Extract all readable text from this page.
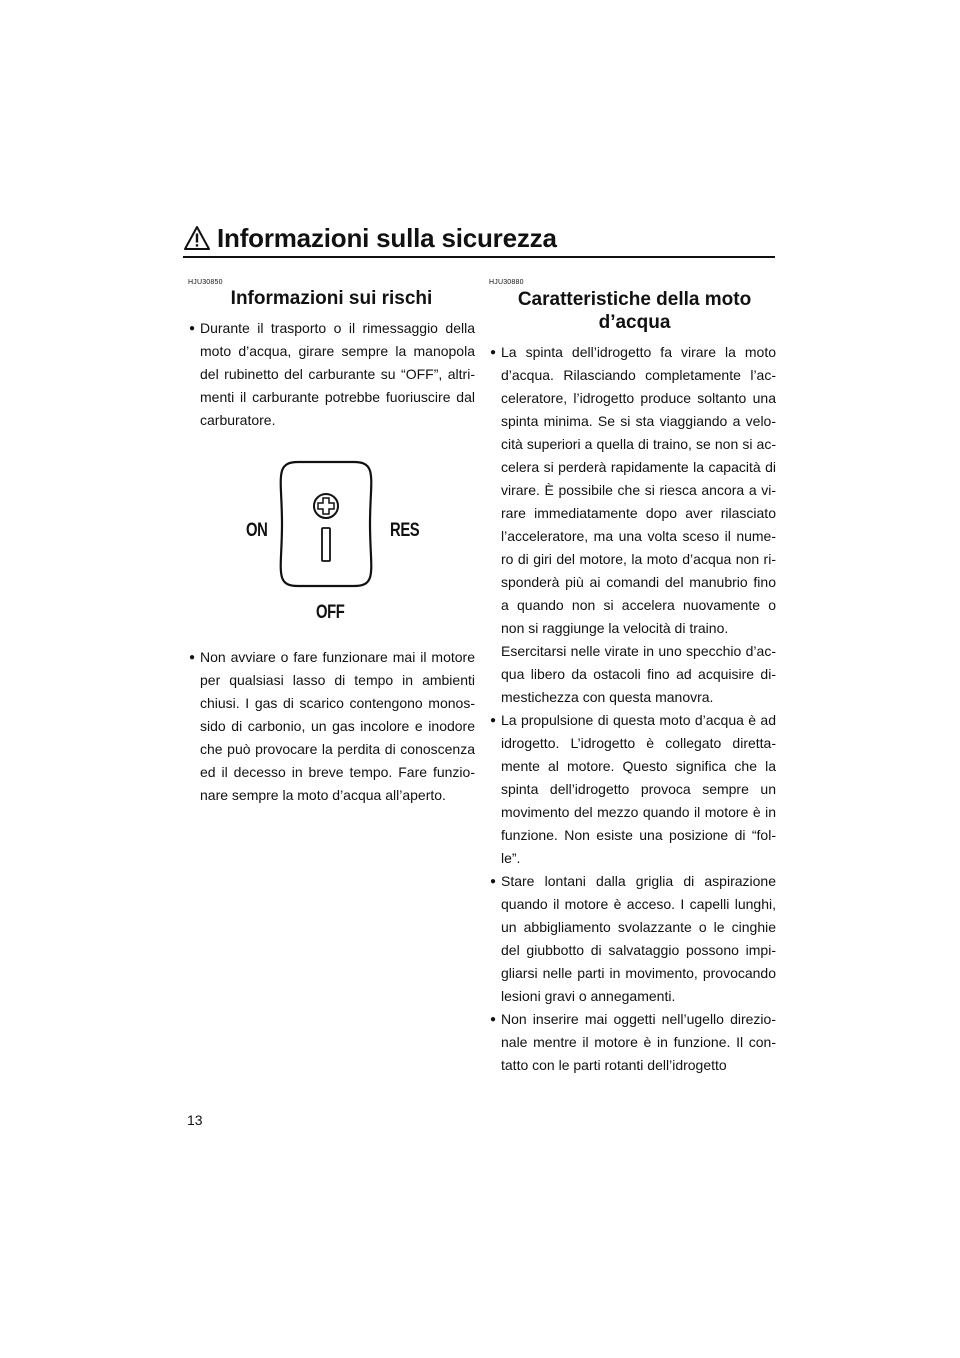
Informazioni sulla sicurezza
HJU30850
Informazioni sui rischi
● Durante il trasporto o il rimessaggio della moto d’acqua, girare sempre la manopola del rubinetto del carburante su “OFF”, altri-menti il carburante potrebbe fuoriuscire dal carburatore.

ON	RES
OFF
● Non avviare o fare funzionare mai il motore per qualsiasi lasso di tempo in ambienti chiusi. I gas di scarico contengono monos-sido di carbonio, un gas incolore e inodore che può provocare la perdita di conoscenza ed il decesso in breve tempo. Fare funzio-nare sempre la moto d’acqua all’aperto.

HJU30880
Caratteristiche della moto
d’acqua
● La spinta dell’idrogetto fa virare la moto d’acqua. Rilasciando completamente l’ac-celeratore, l’idrogetto produce soltanto una spinta minima. Se si sta viaggiando a velo-cità superiori a quella di traino, se non si ac-celera si perderà rapidamente la capacità di virare. È possibile che si riesca ancora a vi-rare immediatamente dopo aver rilasciato l’acceleratore, ma una volta sceso il nume-ro di giri del motore, la moto d’acqua non ri-sponderà più ai comandi del manubrio fino a quando non si accelera nuovamente o non si raggiunge la velocità di traino.

Esercitarsi nelle virate in uno specchio d’ac-qua libero da ostacoli fino ad acquisire di-mestichezza con questa manovra.

● La propulsione di questa moto d’acqua è ad idrogetto. L’idrogetto è collegato diretta-mente al motore. Questo significa che la spinta dell’idrogetto provoca sempre un movimento del mezzo quando il motore è in funzione. Non esiste una posizione di “fol-le”.

● Stare lontani dalla griglia di aspirazione quando il motore è acceso. I capelli lunghi, un abbigliamento svolazzante o le cinghie del giubbotto di salvataggio possono impi-gliarsi nelle parti in movimento, provocando lesioni gravi o annegamenti.

● Non inserire mai oggetti nell’ugello direzio-nale mentre il motore è in funzione. Il con-tatto con le parti rotanti dell’idrogetto

13
